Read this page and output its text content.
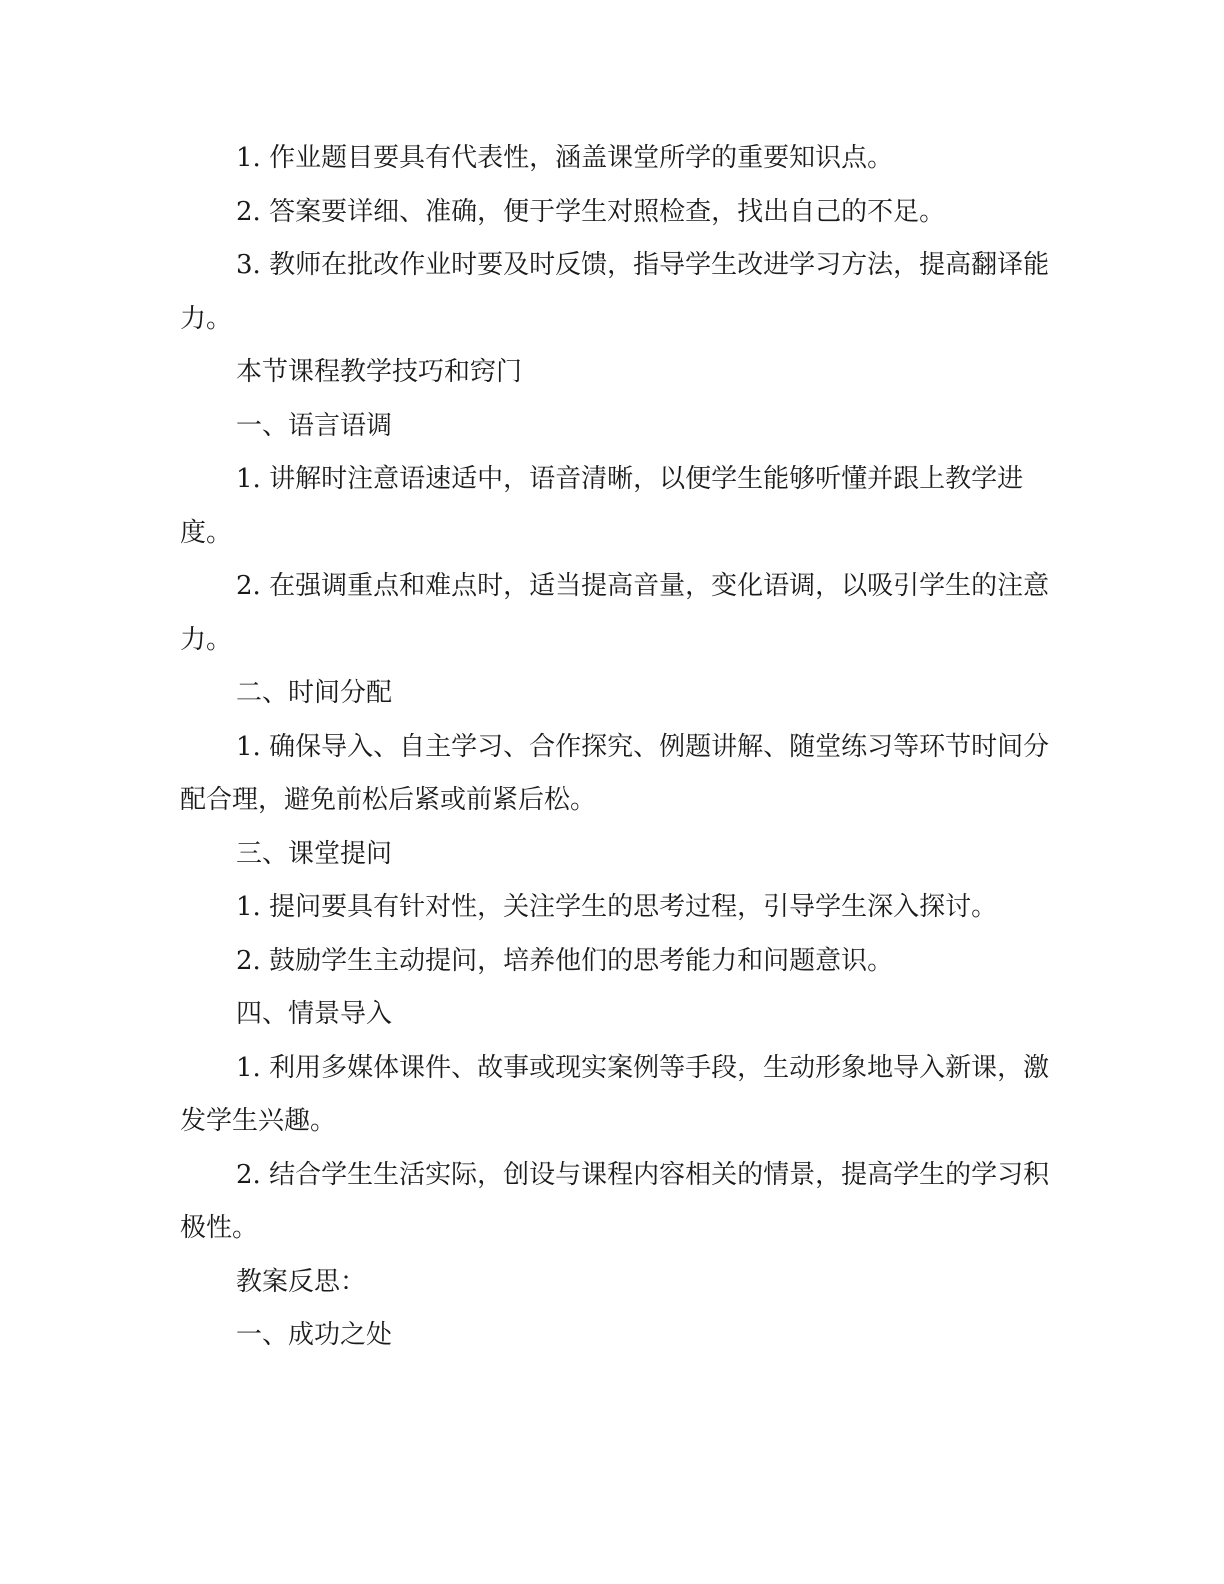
1. 作业题目要具有代表性，涵盖课堂所学的重要知识点。

2. 答案要详细、准确，便于学生对照检查，找出自己的不足。

3. 教师在批改作业时要及时反馈，指导学生改进学习方法，提高翻译能力。

本节课程教学技巧和窍门

一、语言语调

1. 讲解时注意语速适中，语音清晰，以便学生能够听懂并跟上教学进度。

2. 在强调重点和难点时，适当提高音量，变化语调，以吸引学生的注意力。

二、时间分配

1. 确保导入、自主学习、合作探究、例题讲解、随堂练习等环节时间分配合理，避免前松后紧或前紧后松。

三、课堂提问

1. 提问要具有针对性，关注学生的思考过程，引导学生深入探讨。

2. 鼓励学生主动提问，培养他们的思考能力和问题意识。

四、情景导入

1. 利用多媒体课件、故事或现实案例等手段，生动形象地导入新课，激发学生兴趣。

2. 结合学生生活实际，创设与课程内容相关的情景，提高学生的学习积极性。

教案反思：

一、成功之处
